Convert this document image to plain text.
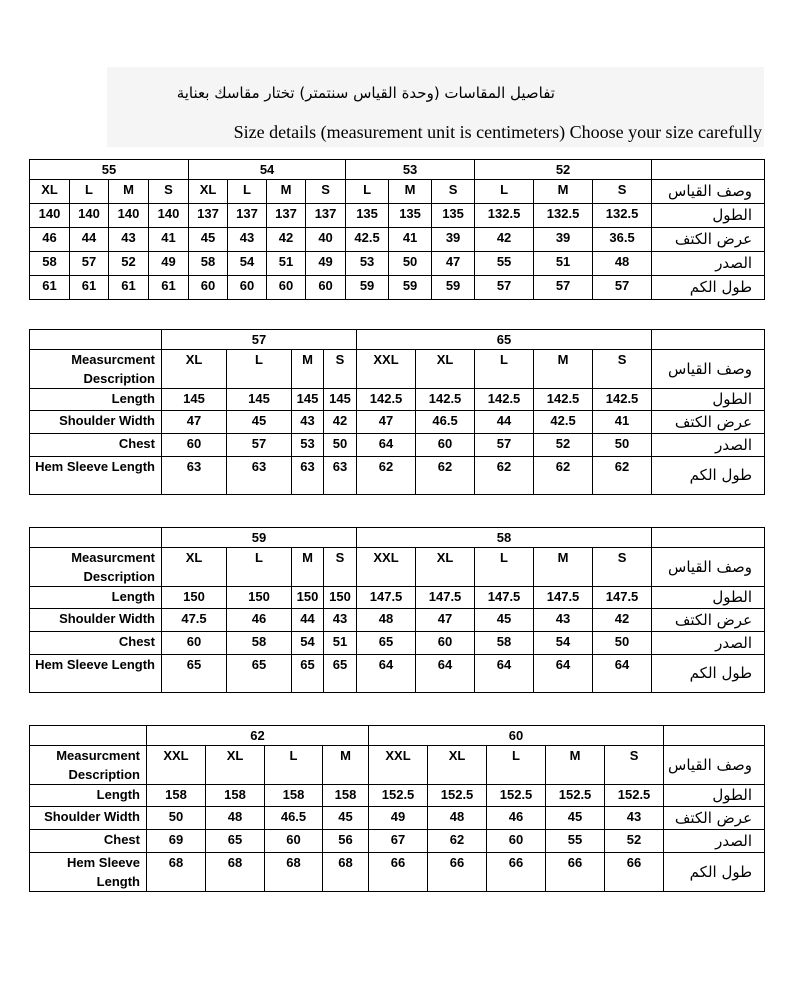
تفاصيل المقاسات (وحدة القياس سنتمتر) تختار مقاسك بعناية
Size details (measurement unit is centimeters) Choose your size carefully
55				54				53			52			
XL	L	M	S	XL	L	M	S	L	M	S	L	M	S	وصف القياس
140	140	140	140	137	137	137	137	135	135	135	132.5	132.5	132.5	الطول
46	44	43	41	45	43	42	40	42.5	41	39	42	39	36.5	عرض الكتف
58	57	52	49	58	54	51	49	53	50	47	55	51	48	الصدر
61	61	61	61	60	60	60	60	59	59	59	57	57	57	طول الكم
	57				65					
Measurcment Description	XL	L	M	S	XXL	XL	L	M	S	وصف القياس
Length	145	145	145	145	142.5	142.5	142.5	142.5	142.5	الطول
Shoulder Width	47	45	43	42	47	46.5	44	42.5	41	عرض الكتف
Chest	60	57	53	50	64	60	57	52	50	الصدر
Hem Sleeve Length	63	63	63	63	62	62	62	62	62	طول الكم
	59				58					
Measurcment Description	XL	L	M	S	XXL	XL	L	M	S	وصف القياس
Length	150	150	150	150	147.5	147.5	147.5	147.5	147.5	الطول
Shoulder Width	47.5	46	44	43	48	47	45	43	42	عرض الكتف
Chest	60	58	54	51	65	60	58	54	50	الصدر
Hem Sleeve Length	65	65	65	65	64	64	64	64	64	طول الكم
	62				60					
Measurcment Description	XXL	XL	L	M	XXL	XL	L	M	S	وصف القياس
Length	158	158	158	158	152.5	152.5	152.5	152.5	152.5	الطول
Shoulder Width	50	48	46.5	45	49	48	46	45	43	عرض الكتف
Chest	69	65	60	56	67	62	60	55	52	الصدر
Hem Sleeve Length	68	68	68	68	66	66	66	66	66	طول الكم
